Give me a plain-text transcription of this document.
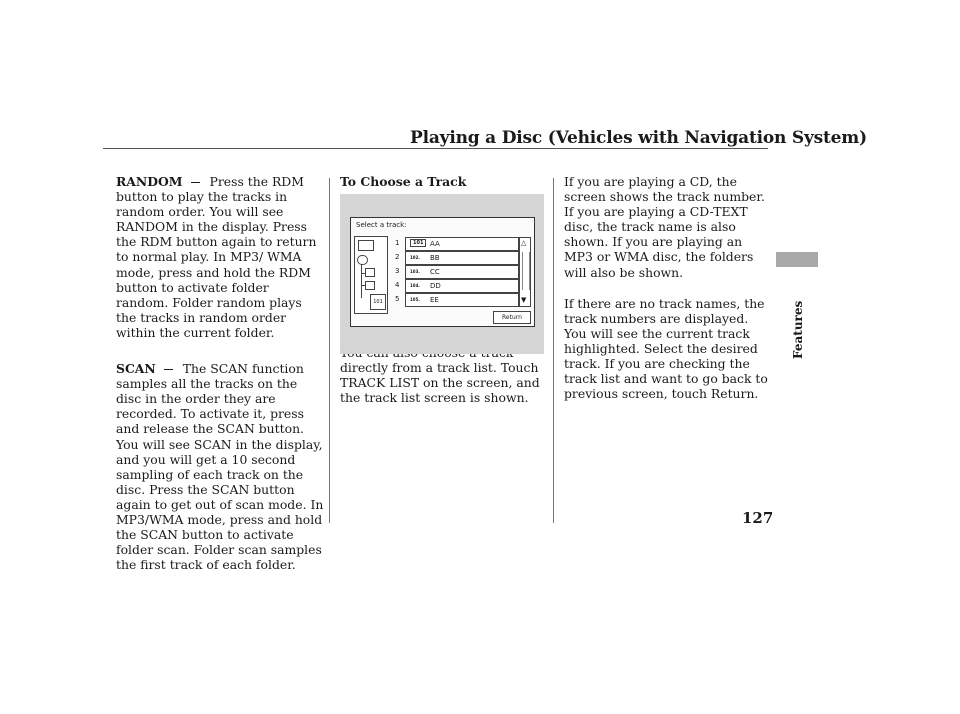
Playing a Disc (Vehicles with Navigation System)
Features
127

RANDOM Press the RDM button to play the tracks in random order. You will see RANDOM in the display. Press the RDM button again to return to normal play. In MP3/ WMA mode, press and hold the RDM button to activate folder random. Folder random plays the tracks in random order within the current folder.

SCAN The SCAN function samples all the tracks on the disc in the order they are recorded. To activate it, press and release the SCAN button. You will see SCAN in the display, and you will get a 10 second sampling of each track on the disc. Press the SCAN button again to get out of scan mode. In MP3/WMA mode, press and hold the SCAN button to activate folder scan. Folder scan samples the first track of each folder.

To Choose a Track
directly from a track list. Touch TRACK LIST on the screen, and the track list screen is shown.
Select a track:
101
1	101 AA
2	102. BB
3	103. CC
4	104. DD
5	105. EE
△
▼
Return

If you are playing a CD, the screen shows the track number. If you are playing a CD-TEXT disc, the track name is also shown. If you are playing an MP3 or WMA disc, the folders will also be shown.

If there are no track names, the track numbers are displayed. You will see the current track highlighted. Select the desired track. If you are checking the track list and want to go back to previous screen, touch Return.
